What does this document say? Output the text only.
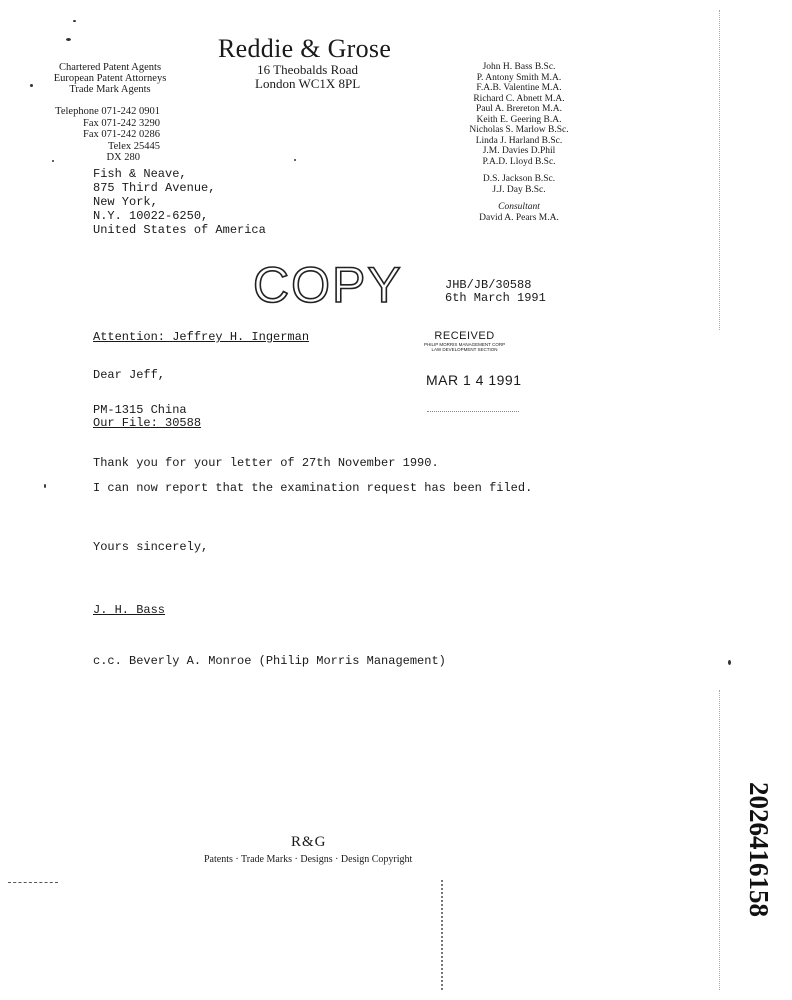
Reddie & Grose
16 Theobalds Road
London WC1X 8PL
Chartered Patent Agents
European Patent Attorneys
Trade Mark Agents
Telephone 071-242 0901
Fax 071-242 3290
Fax 071-242 0286
Telex 25445
DX 280
John H. Bass B.Sc.
P. Antony Smith M.A.
F.A.B. Valentine M.A.
Richard C. Abnett M.A.
Paul A. Brereton M.A.
Keith E. Geering B.A.
Nicholas S. Marlow B.Sc.
Linda J. Harland B.Sc.
J.M. Davies D.Phil
P.A.D. Lloyd B.Sc.
D.S. Jackson B.Sc.
J.J. Day B.Sc.
Consultant
David A. Pears M.A.
Fish & Neave,
875 Third Avenue,
New York,
N.Y. 10022-6250,
United States of America
COPY	JHB/JB/30588
6th March 1991
Attention: Jeffrey H. Ingerman	RECEIVED
PHILIP MORRIS MANAGEMENT CORP
LAW DEVELOPMENT SECTION
MAR 1 4 1991
Dear Jeff,
PM-1315 China
Our File: 30588
Thank you for your letter of 27th November 1990.
I can now report that the examination request has been filed.
Yours sincerely,
J. H. Bass
c.c. Beverly A. Monroe (Philip Morris Management)
R&G
Patents · Trade Marks · Designs · Design Copyright	2026416158
